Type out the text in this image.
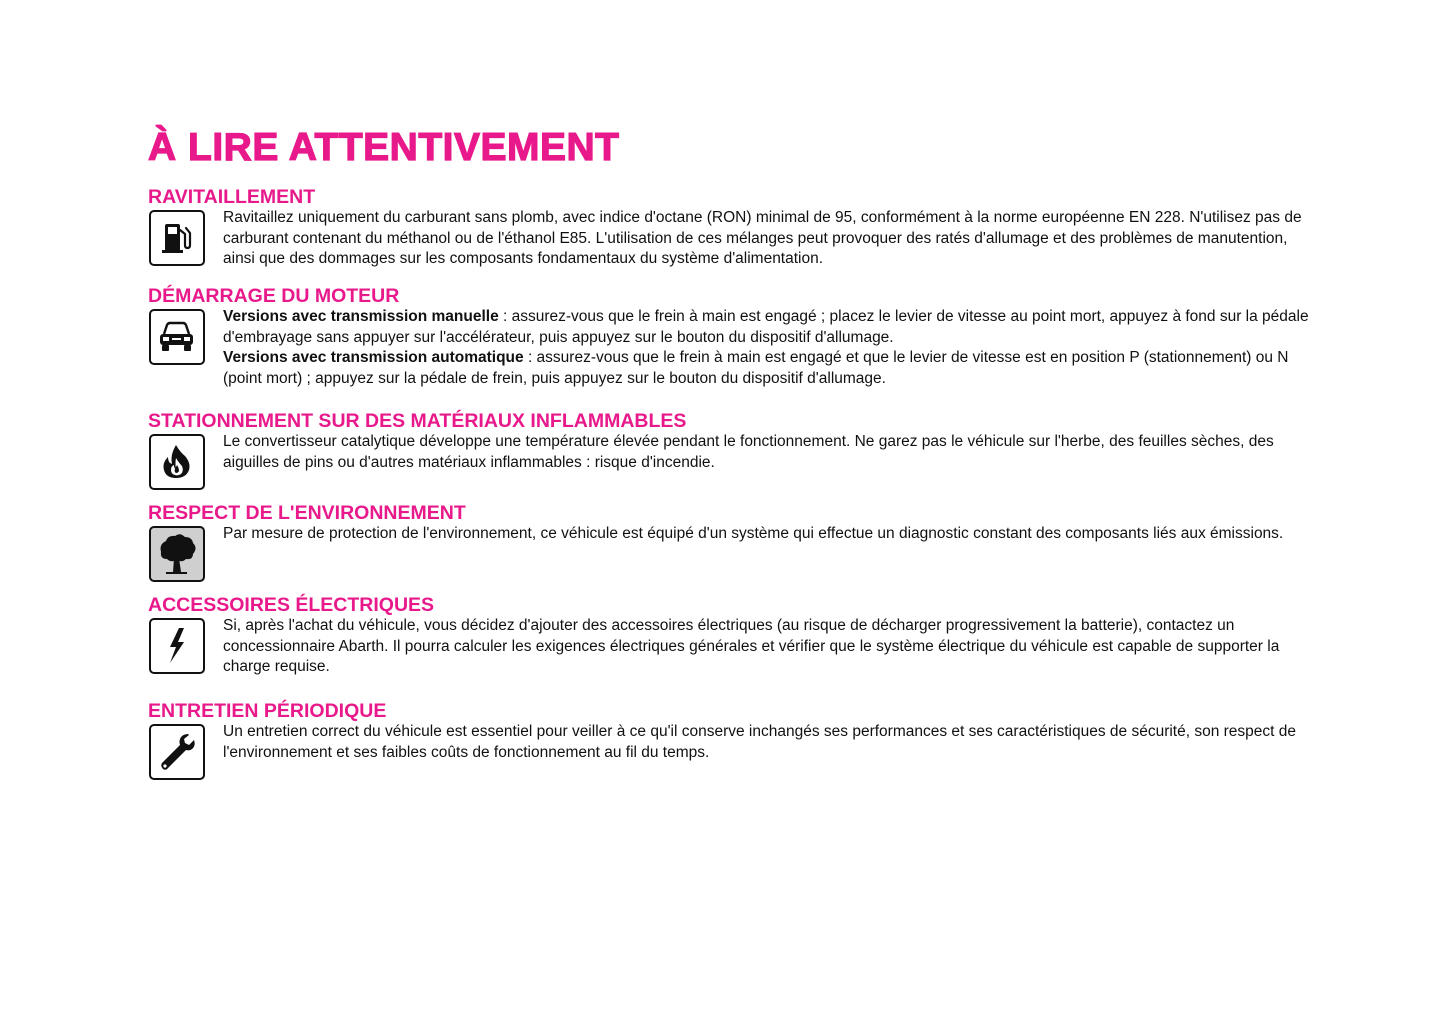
À LIRE ATTENTIVEMENT
RAVITAILLEMENT

Ravitaillez uniquement du carburant sans plomb, avec indice d'octane (RON) minimal de 95, conformément à la norme européenne EN 228. N'utilisez pas de carburant contenant du méthanol ou de l'éthanol E85. L'utilisation de ces mélanges peut provoquer des ratés d'allumage et des problèmes de manutention, ainsi que des dommages sur les composants fondamentaux du système d'alimentation.

DÉMARRAGE DU MOTEUR

Versions avec transmission manuelle : assurez-vous que le frein à main est engagé ; placez le levier de vitesse au point mort, appuyez à fond sur la pédale d'embrayage sans appuyer sur l'accélérateur, puis appuyez sur le bouton du dispositif d'allumage.

Versions avec transmission automatique : assurez-vous que le frein à main est engagé et que le levier de vitesse est en position P (stationnement) ou N (point mort) ; appuyez sur la pédale de frein, puis appuyez sur le bouton du dispositif d'allumage.

STATIONNEMENT SUR DES MATÉRIAUX INFLAMMABLES

Le convertisseur catalytique développe une température élevée pendant le fonctionnement. Ne garez pas le véhicule sur l'herbe, des feuilles sèches, des aiguilles de pins ou d'autres matériaux inflammables : risque d'incendie.

RESPECT DE L'ENVIRONNEMENT

Par mesure de protection de l'environnement, ce véhicule est équipé d'un système qui effectue un diagnostic constant des composants liés aux émissions.

ACCESSOIRES ÉLECTRIQUES

Si, après l'achat du véhicule, vous décidez d'ajouter des accessoires électriques (au risque de décharger progressivement la batterie), contactez un concessionnaire Abarth. Il pourra calculer les exigences électriques générales et vérifier que le système électrique du véhicule est capable de supporter la charge requise.

ENTRETIEN PÉRIODIQUE

Un entretien correct du véhicule est essentiel pour veiller à ce qu'il conserve inchangés ses performances et ses caractéristiques de sécurité, son respect de l'environnement et ses faibles coûts de fonctionnement au fil du temps.
